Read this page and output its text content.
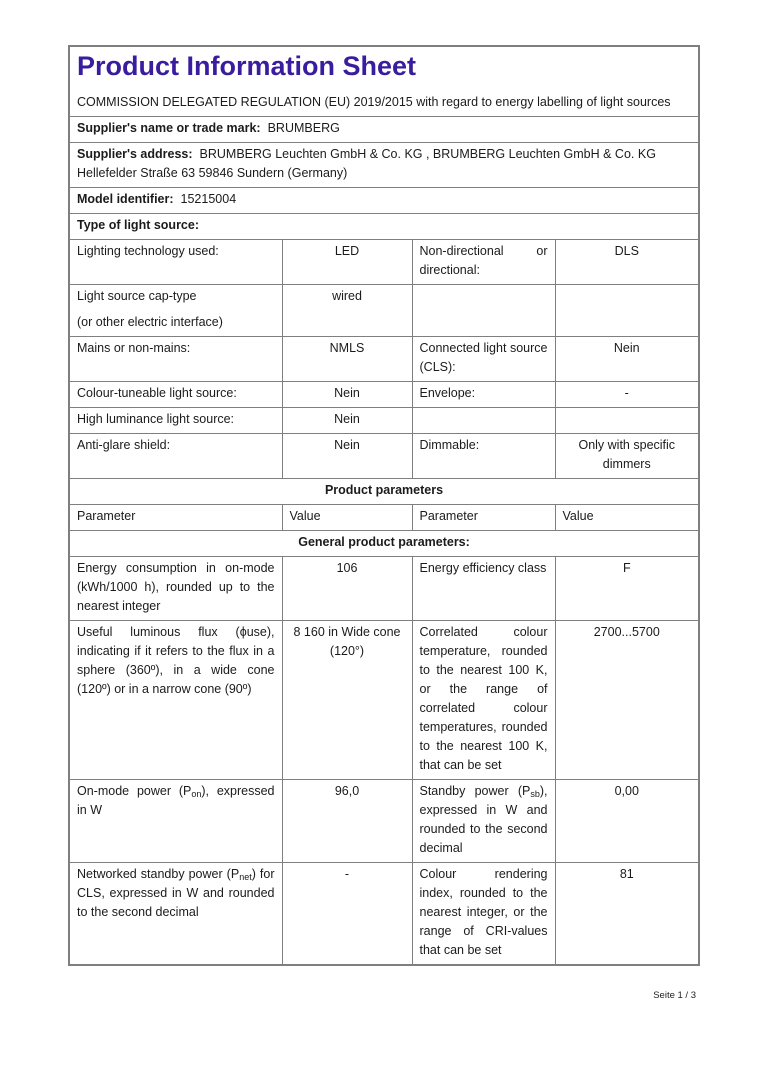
Product Information Sheet

COMMISSION DELEGATED REGULATION (EU) 2019/2015 with regard to energy labelling of light sources

Supplier's name or trade mark: BRUMBERG			
Supplier's address: BRUMBERG Leuchten GmbH & Co. KG , BRUMBERG Leuchten GmbH & Co. KG Hellefelder Straße 63 59846 Sundern (Germany)			
Model identifier: 15215004			
Type of light source:			
Lighting technology used:	LED	Non-directional or directional:	DLS

Light source cap-type
(or other electric interface)	wired		
Mains or non-mains:	NMLS	Connected light source (CLS):	Nein
Colour-tuneable light source:	Nein	Envelope:	-
High luminance light source:	Nein		
Anti-glare shield:	Nein	Dimmable:	Only with specific dimmers
Product parameters			
Parameter	Value	Parameter	Value
General product parameters:			
Energy consumption in on-mode (kWh/1000 h), rounded up to the nearest integer	106	Energy efficiency class	F
Useful luminous flux (ϕuse), indicating if it refers to the flux in a sphere (360º), in a wide cone (120º) or in a narrow cone (90º)	8 160 in Wide cone (120°)	Correlated colour temperature, rounded to the nearest 100 K, or the range of correlated colour temperatures, rounded to the nearest 100 K, that can be set	2700...5700
On-mode power $(P_{on})$, expressed in W	96,0	Standby power $(P_{sb})$, expressed in W and rounded to the second decimal	0,00
Networked standby power $(P_{net})$ for CLS, expressed in W and rounded to the second decimal	-	Colour rendering index, rounded to the nearest integer, or the range of CRI-values that can be set	81
Seite 1 / 3
